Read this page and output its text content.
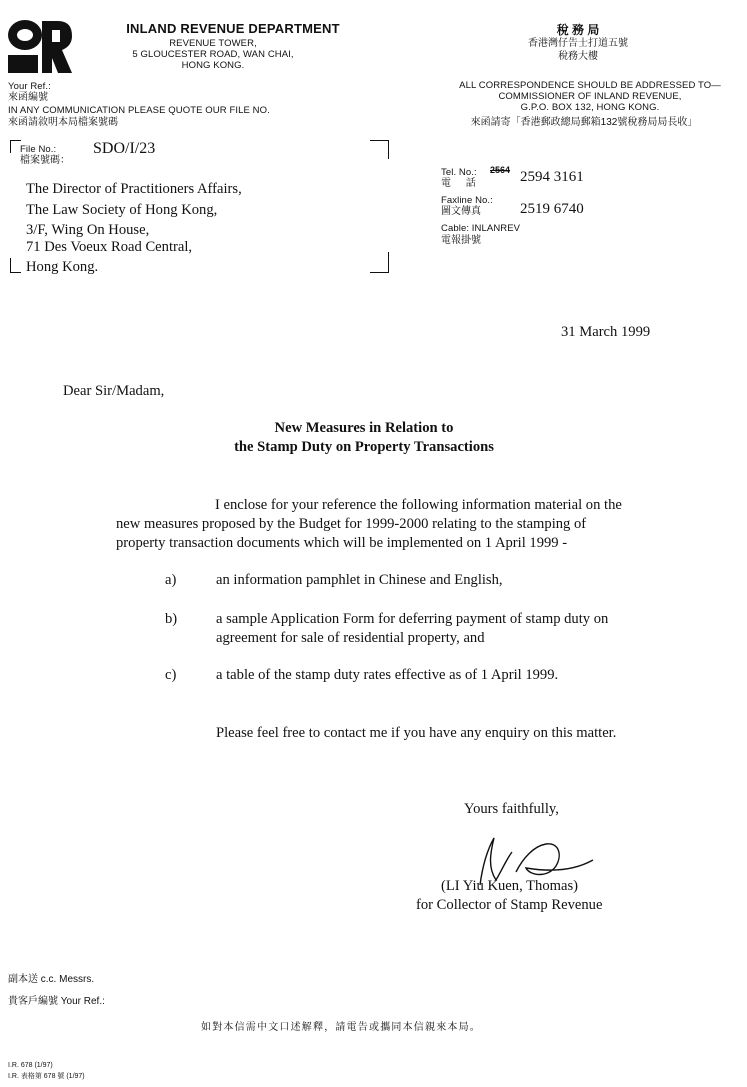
INLAND REVENUE DEPARTMENT
REVENUE TOWER,
5 GLOUCESTER ROAD, WAN CHAI,
HONG KONG.
稅 務 局
香港灣仔告士打道五號
稅務大樓
ALL CORRESPONDENCE SHOULD BE ADDRESSED TO—
COMMISSIONER OF INLAND REVENUE,
G.P.O. BOX 132, HONG KONG.
來函請寄「香港郵政總局郵箱132號稅務局局長收」
Your Ref.:
來函編號
IN ANY COMMUNICATION PLEASE QUOTE OUR FILE NO.
來函請敘明本局檔案號碼
File No.:
檔案號碼：
SDO/I/23
The Director of Practitioners Affairs,
The Law Society of Hong Kong,
3/F, Wing On House,
71 Des Voeux Road Central,
Hong Kong.
Tel. No.:
電 話
2564 2594 3161
Faxline No.:
圖文傳真	2519 6740
Cable: INLANREV
電報掛號
31 March 1999
Dear Sir/Madam,
New Measures in Relation to
the Stamp Duty on Property Transactions
I enclose for your reference the following information material on the
new measures proposed by the Budget for 1999-2000 relating to the stamping of
property transaction documents which will be implemented on 1 April 1999 -
a)	an information pamphlet in Chinese and English,
b)	a sample Application Form for deferring payment of stamp duty on
agreement for sale of residential property, and
c)	a table of the stamp duty rates effective as of 1 April 1999.
Please feel free to contact me if you have any enquiry on this matter.
Yours faithfully,
(LI Yiu Kuen, Thomas)
for Collector of Stamp Revenue
副本送 c.c. Messrs.
貴客戶編號 Your Ref.:
如對本信需中文口述解釋，請電告或攜同本信親來本局。
I.R. 678 (1/97)
I.R. 表格第 678 號 (1/97)
